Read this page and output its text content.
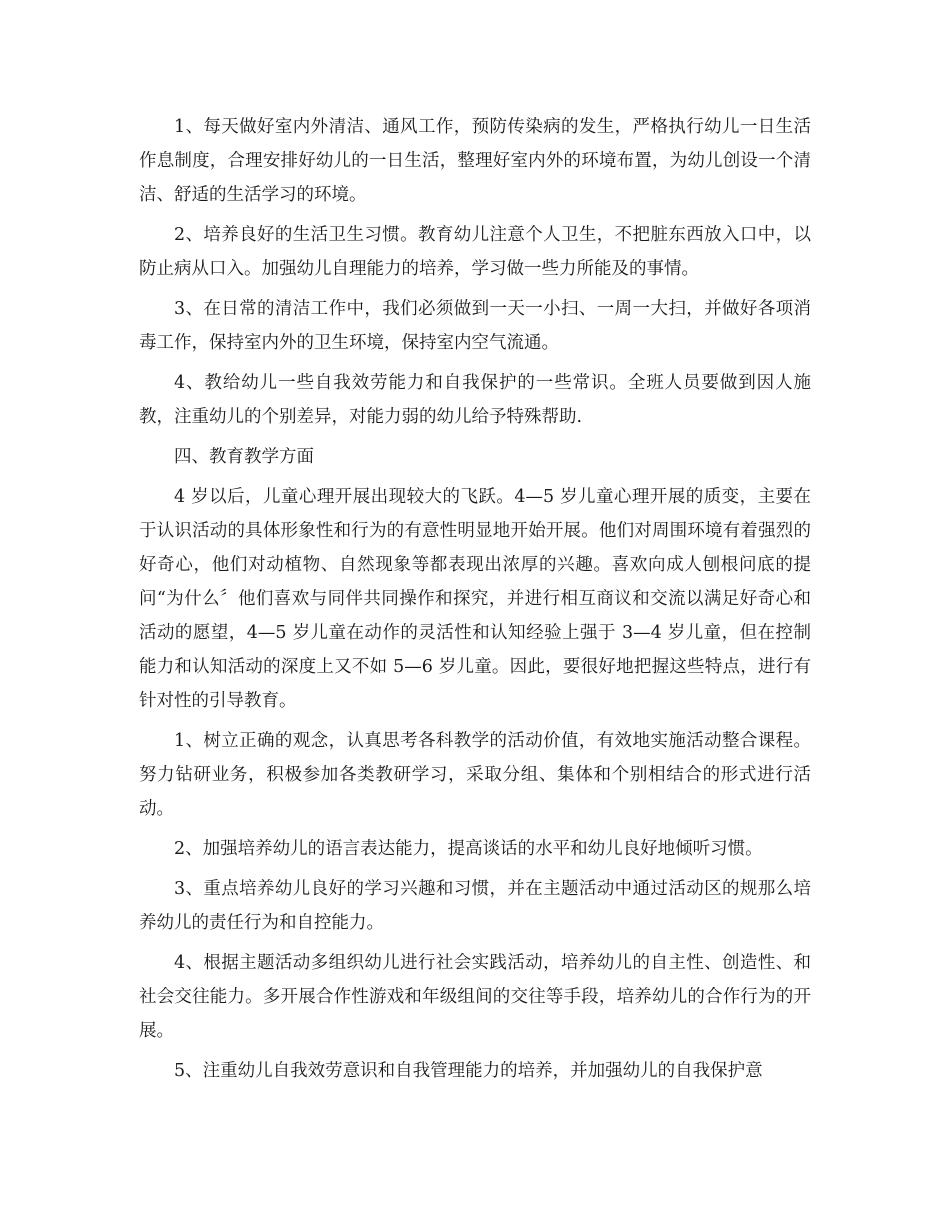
1、每天做好室内外清洁、通风工作，预防传染病的发生，严格执行幼儿一日生活作息制度，合理安排好幼儿的一日生活，整理好室内外的环境布置，为幼儿创设一个清洁、舒适的生活学习的环境。

2、培养良好的生活卫生习惯。教育幼儿注意个人卫生，不把脏东西放入口中，以防止病从口入。加强幼儿自理能力的培养，学习做一些力所能及的事情。

3、在日常的清洁工作中，我们必须做到一天一小扫、一周一大扫，并做好各项消毒工作，保持室内外的卫生环境，保持室内空气流通。

4、教给幼儿一些自我效劳能力和自我保护的一些常识。全班人员要做到因人施教，注重幼儿的个别差异，对能力弱的幼儿给予特殊帮助.

四、教育教学方面

4 岁以后，儿童心理开展出现较大的飞跃。4—5 岁儿童心理开展的质变，主要在于认识活动的具体形象性和行为的有意性明显地开始开展。他们对周围环境有着强烈的好奇心，他们对动植物、自然现象等都表现出浓厚的兴趣。喜欢向成人刨根问底的提问“为什么〞他们喜欢与同伴共同操作和探究，并进行相互商议和交流以满足好奇心和活动的愿望，4—5 岁儿童在动作的灵活性和认知经验上强于 3—4 岁儿童，但在控制能力和认知活动的深度上又不如 5—6 岁儿童。因此，要很好地把握这些特点，进行有针对性的引导教育。

1、树立正确的观念，认真思考各科教学的活动价值，有效地实施活动整合课程。努力钻研业务，积极参加各类教研学习，采取分组、集体和个别相结合的形式进行活动。

2、加强培养幼儿的语言表达能力，提高谈话的水平和幼儿良好地倾听习惯。

3、重点培养幼儿良好的学习兴趣和习惯，并在主题活动中通过活动区的规那么培养幼儿的责任行为和自控能力。

4、根据主题活动多组织幼儿进行社会实践活动，培养幼儿的自主性、创造性、和社会交往能力。多开展合作性游戏和年级组间的交往等手段，培养幼儿的合作行为的开展。

5、注重幼儿自我效劳意识和自我管理能力的培养，并加强幼儿的自我保护意
